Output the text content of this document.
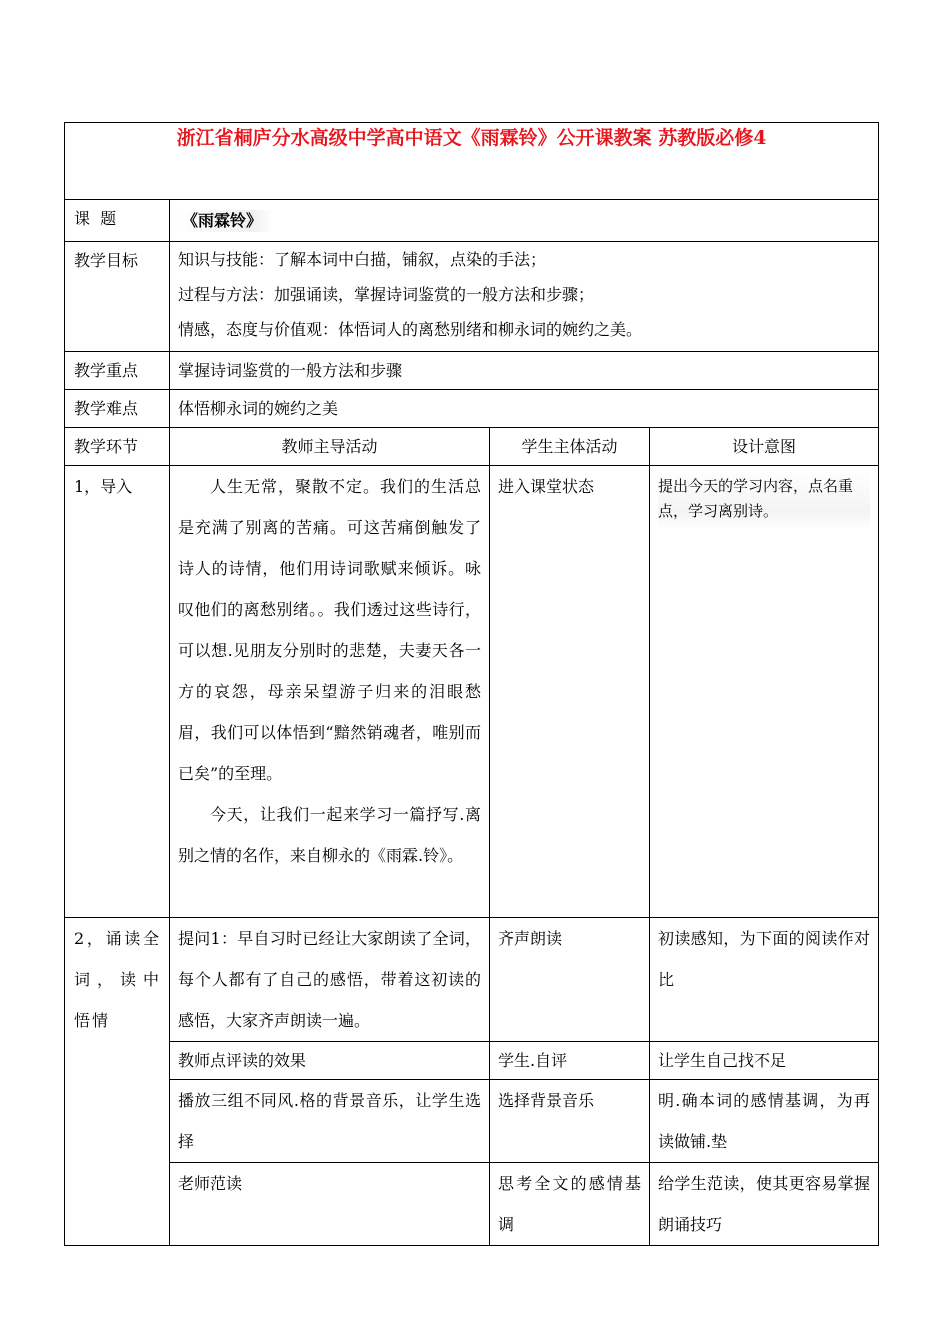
浙江省桐庐分水高级中学高中语文《雨霖铃》公开课教案 苏教版必修4			
课  题	《雨霖铃》		
教学目标	知识与技能：了解本词中白描，铺叙，点染的手法；
过程与方法：加强诵读，掌握诗词鉴赏的一般方法和步骤；
情感，态度与价值观：体悟词人的离愁别绪和柳永词的婉约之美。		

教学重点	掌握诗词鉴赏的一般方法和步骤		
教学难点	体悟柳永词的婉约之美		
教学环节	教师主导活动	学生主体活动	设计意图
1，导入	人生无常，聚散不定。我们的生活总是充满了别离的苦痛。可这苦痛倒触发了诗人的诗情，他们用诗词歌赋来倾诉。咏叹他们的离愁别绪。。我们透过这些诗行，可以想.见朋友分别时的悲楚，夫妻天各一方的哀怨，母亲呆望游子归来的泪眼愁眉，我们可以体悟到“黯然销魂者，唯别而已矣”的至理。
今天，让我们一起来学习一篇抒写.离别之情的名作，来自柳永的《雨霖.铃》。	进入课堂状态	提出今天的学习内容，点名重点，学习离别诗。
2，诵读全词，读中悟情	提问1：早自习时已经让大家朗读了全词，每个人都有了自己的感悟，带着这初读的感悟，大家齐声朗读一遍。	齐声朗读	初读感知，为下面的阅读作对比
	教师点评读的效果	学生.自评	让学生自己找不足
	播放三组不同风.格的背景音乐，让学生选择	选择背景音乐	明.确本词的感情基调，为再读做铺.垫
	老师范读	思考全文的感情基调	给学生范读，使其更容易掌握朗诵技巧
